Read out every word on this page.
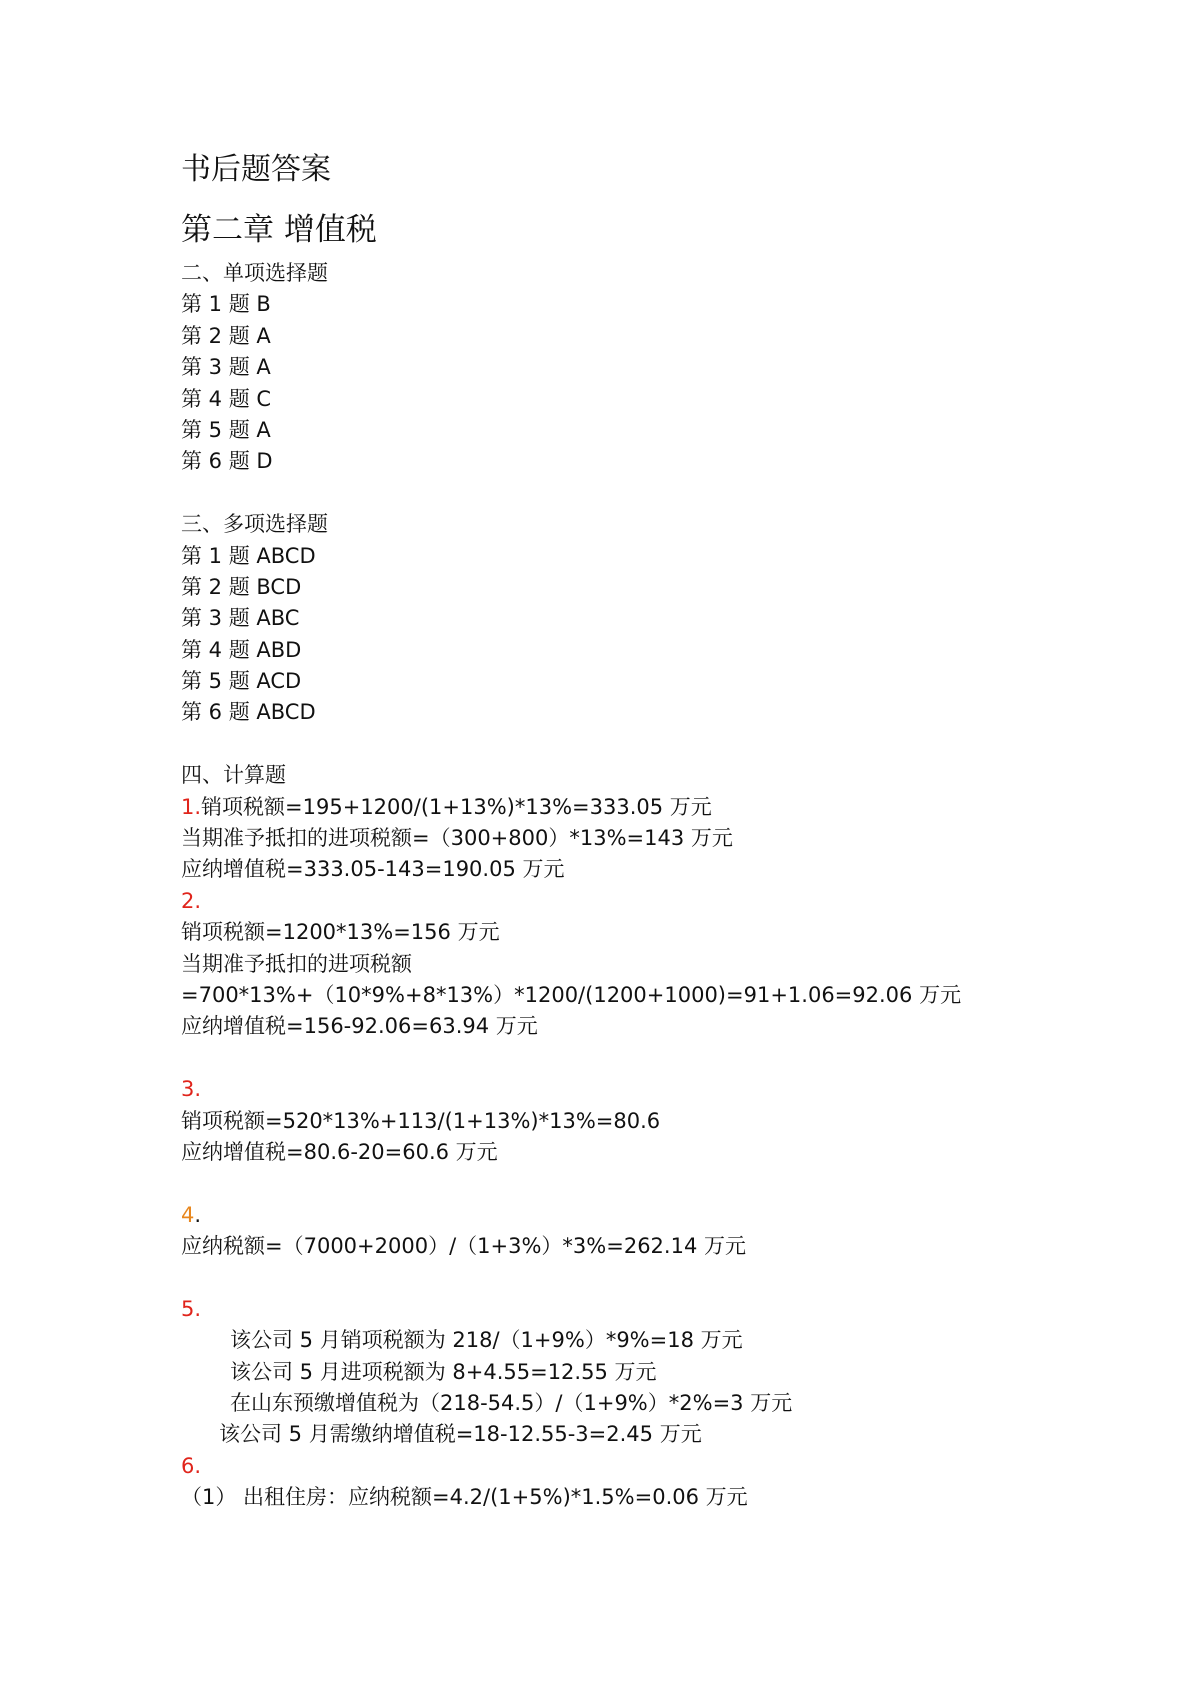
书后题答案
第二章 增值税
二、单项选择题
第 1 题 B
第 2 题 A
第 3 题 A
第 4 题 C
第 5 题 A
第 6 题 D
三、多项选择题
第 1 题 ABCD
第 2 题 BCD
第 3 题 ABC
第 4 题 ABD
第 5 题 ACD
第 6 题 ABCD
四、计算题
1.销项税额=195+1200/(1+13%)*13%=333.05 万元
当期准予抵扣的进项税额=（300+800）*13%=143 万元
应纳增值税=333.05-143=190.05 万元
2.
销项税额=1200*13%=156 万元
当期准予抵扣的进项税额
=700*13%+（10*9%+8*13%）*1200/(1200+1000)=91+1.06=92.06 万元
应纳增值税=156-92.06=63.94 万元
3.
销项税额=520*13%+113/(1+13%)*13%=80.6
应纳增值税=80.6-20=60.6 万元
4.
应纳税额=（7000+2000）/（1+3%）*3%=262.14 万元
5.
该公司 5 月销项税额为 218/（1+9%）*9%=18 万元
该公司 5 月进项税额为 8+4.55=12.55 万元
在山东预缴增值税为（218-54.5）/（1+9%）*2%=3 万元
该公司 5 月需缴纳增值税=18-12.55-3=2.45 万元
6.
（1） 出租住房：应纳税额=4.2/(1+5%)*1.5%=0.06 万元
